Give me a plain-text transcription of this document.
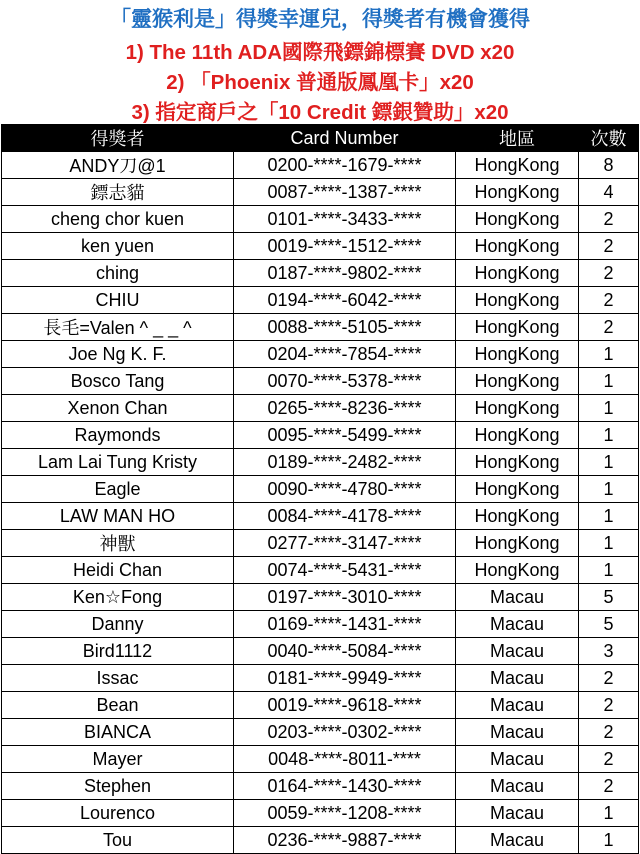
「靈猴利是」得獎幸運兒，得獎者有機會獲得
1) The 11th ADA國際飛鏢錦標賽 DVD x20
2) 「Phoenix 普通版鳳凰卡」x20
3) 指定商戶之「10 Credit 鏢銀贊助」x20
得獎者	Card Number	地區	次數
ANDY刀@1	0200-****-1679-****	HongKong	8
鏢志貓	0087-****-1387-****	HongKong	4
cheng chor kuen	0101-****-3433-****	HongKong	2
ken yuen	0019-****-1512-****	HongKong	2
ching	0187-****-9802-****	HongKong	2
CHIU	0194-****-6042-****	HongKong	2
長毛=Valen ^ _ _ ^	0088-****-5105-****	HongKong	2
Joe Ng K. F.	0204-****-7854-****	HongKong	1
Bosco Tang	0070-****-5378-****	HongKong	1
Xenon Chan	0265-****-8236-****	HongKong	1
Raymonds	0095-****-5499-****	HongKong	1
Lam Lai Tung Kristy	0189-****-2482-****	HongKong	1
Eagle	0090-****-4780-****	HongKong	1
LAW MAN HO	0084-****-4178-****	HongKong	1
神獸	0277-****-3147-****	HongKong	1
Heidi Chan	0074-****-5431-****	HongKong	1
Ken☆Fong	0197-****-3010-****	Macau	5
Danny	0169-****-1431-****	Macau	5
Bird1112	0040-****-5084-****	Macau	3
Issac	0181-****-9949-****	Macau	2
Bean	0019-****-9618-****	Macau	2
BIANCA	0203-****-0302-****	Macau	2
Mayer	0048-****-8011-****	Macau	2
Stephen	0164-****-1430-****	Macau	2
Lourenco	0059-****-1208-****	Macau	1
Tou	0236-****-9887-****	Macau	1
